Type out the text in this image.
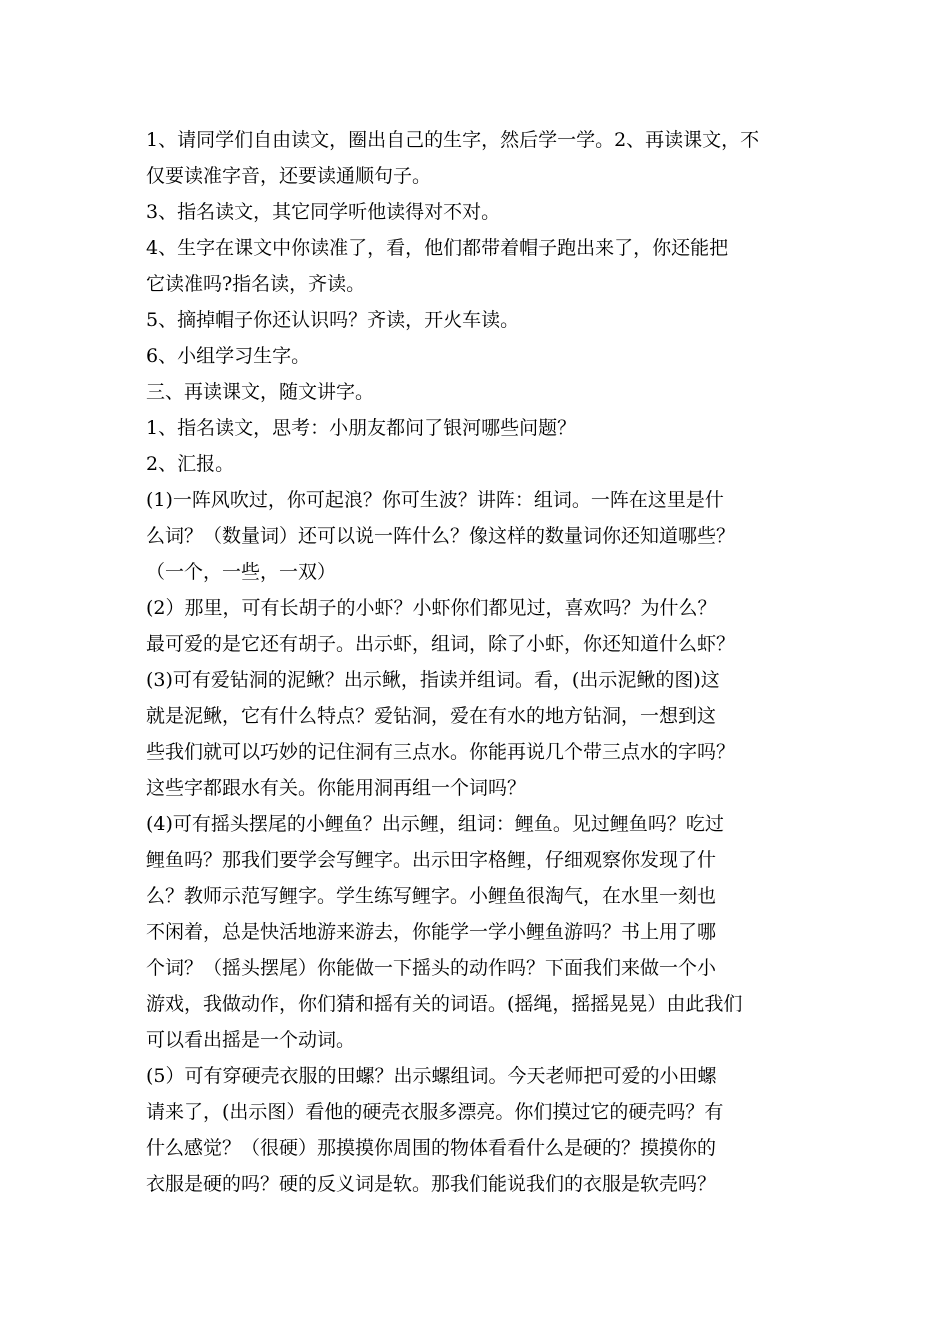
1、请同学们自由读文，圈出自己的生字，然后学一学。2、再读课文，不
仅要读准字音，还要读通顺句子。
3、指名读文，其它同学听他读得对不对。
4、生字在课文中你读准了，看，他们都带着帽子跑出来了，你还能把
它读准吗?指名读，齐读。
5、摘掉帽子你还认识吗？齐读，开火车读。
6、小组学习生字。
三、再读课文，随文讲字。
1、指名读文，思考：小朋友都问了银河哪些问题？
2、汇报。
(1)一阵风吹过，你可起浪？你可生波？讲阵：组词。一阵在这里是什
么词？（数量词）还可以说一阵什么？像这样的数量词你还知道哪些？
（一个，一些，一双）
(2）那里，可有长胡子的小虾？小虾你们都见过，喜欢吗？为什么？
最可爱的是它还有胡子。出示虾，组词，除了小虾，你还知道什么虾？
(3)可有爱钻洞的泥鳅？出示鳅，指读并组词。看，(出示泥鳅的图)这
就是泥鳅，它有什么特点？爱钻洞，爱在有水的地方钻洞，一想到这
些我们就可以巧妙的记住洞有三点水。你能再说几个带三点水的字吗？
这些字都跟水有关。你能用洞再组一个词吗？
(4)可有摇头摆尾的小鲤鱼？出示鲤，组词：鲤鱼。见过鲤鱼吗？吃过
鲤鱼吗？那我们要学会写鲤字。出示田字格鲤，仔细观察你发现了什
么？教师示范写鲤字。学生练写鲤字。小鲤鱼很淘气，在水里一刻也
不闲着，总是快活地游来游去，你能学一学小鲤鱼游吗？书上用了哪
个词？（摇头摆尾）你能做一下摇头的动作吗？下面我们来做一个小
游戏，我做动作，你们猜和摇有关的词语。(摇绳，摇摇晃晃）由此我们
可以看出摇是一个动词。
(5）可有穿硬壳衣服的田螺？出示螺组词。今天老师把可爱的小田螺
请来了，(出示图）看他的硬壳衣服多漂亮。你们摸过它的硬壳吗？有
什么感觉？（很硬）那摸摸你周围的物体看看什么是硬的？摸摸你的
衣服是硬的吗？硬的反义词是软。那我们能说我们的衣服是软壳吗？
